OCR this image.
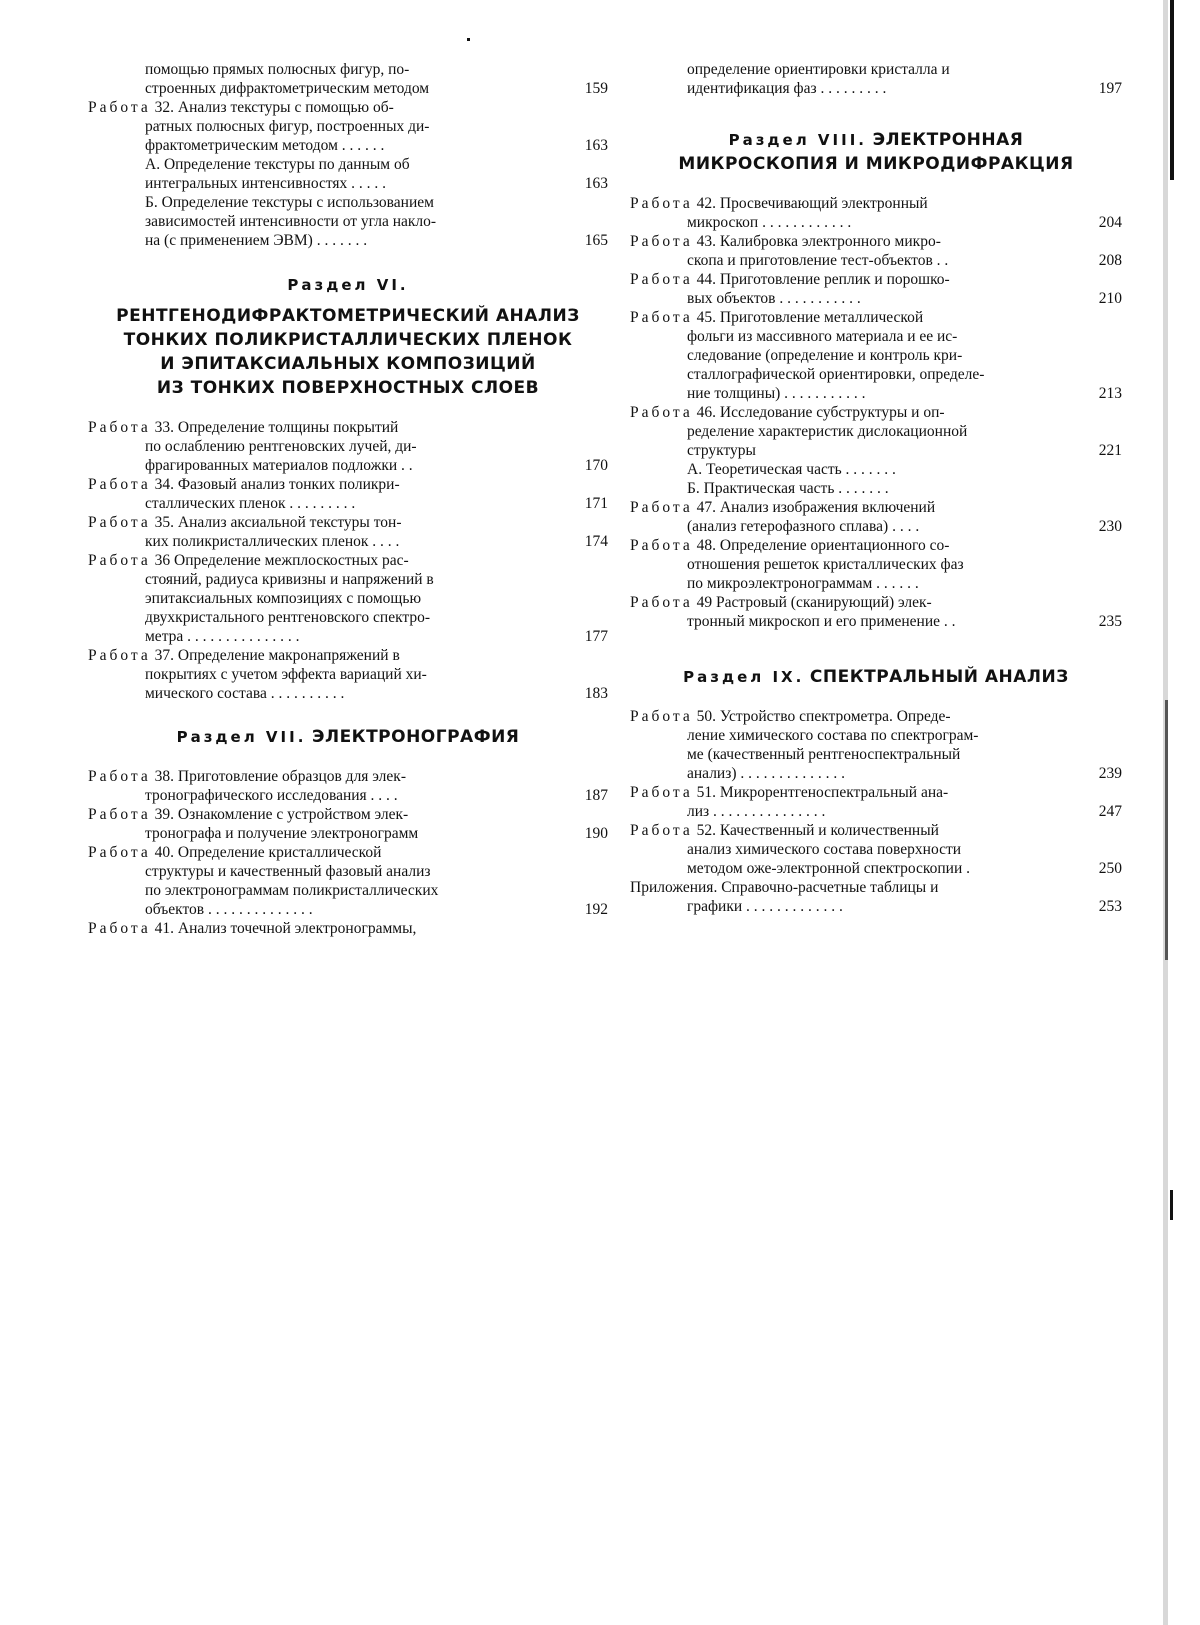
помощью прямых полюсных фигур, по-
строенных дифрактометрическим методом	159
Работа 32. Анализ текстуры с помощью об-
ратных полюсных фигур, построенных ди-
фрактометрическим методом . . . . . .	163
А. Определение текстуры по данным об
интегральных интенсивностях . . . . .	163
Б. Определение текстуры с использованием
зависимостей интенсивности от угла накло-
на (с применением ЭВМ) . . . . . . .	165
Раздел VI.
РЕНТГЕНОДИФРАКТОМЕТРИЧЕСКИЙ АНАЛИЗ
ТОНКИХ ПОЛИКРИСТАЛЛИЧЕСКИХ ПЛЕНОК
И ЭПИТАКСИАЛЬНЫХ КОМПОЗИЦИЙ
ИЗ ТОНКИХ ПОВЕРХНОСТНЫХ СЛОЕВ
Работа 33. Определение толщины покрытий
по ослаблению рентгеновских лучей, ди-
фрагированных материалов подложки . .	170
Работа 34. Фазовый анализ тонких поликри-
сталлических пленок . . . . . . . . .	171
Работа 35. Анализ аксиальной текстуры тон-
ких поликристаллических пленок . . . .	174
Работа 36 Определение межплоскостных рас-
стояний, радиуса кривизны и напряжений в
эпитаксиальных композициях с помощью
двухкристального рентгеновского спектро-
метра . . . . . . . . . . . . . . .	177
Работа 37. Определение макронапряжений в
покрытиях с учетом эффекта вариаций хи-
мического состава . . . . . . . . . .	183
Раздел VII. ЭЛЕКТРОНОГРАФИЯ
Работа 38. Приготовление образцов для элек-
тронографического исследования . . . .	187
Работа 39. Ознакомление с устройством элек-
тронографа и получение электронограмм	190
Работа 40. Определение кристаллической
структуры и качественный фазовый анализ
по электронограммам поликристаллических
объектов . . . . . . . . . . . . . .	192
Работа 41. Анализ точечной электронограммы,
определение ориентировки кристалла и
идентификация фаз . . . . . . . . .	197
Раздел VIII. ЭЛЕКТРОННАЯ
МИКРОСКОПИЯ И МИКРОДИФРАКЦИЯ
Работа 42. Просвечивающий электронный
микроскоп . . . . . . . . . . . .	204
Работа 43. Калибровка электронного микро-
скопа и приготовление тест-объектов . .	208
Работа 44. Приготовление реплик и порошко-
вых объектов . . . . . . . . . . .	210
Работа 45. Приготовление металлической
фольги из массивного материала и ее ис-
следование (определение и контроль кри-
сталлографической ориентировки, определе-
ние толщины) . . . . . . . . . . .	213
Работа 46. Исследование субструктуры и оп-
ределение характеристик дислокационной
структуры	221
А. Теоретическая часть . . . . . . .
Б. Практическая часть . . . . . . .
Работа 47. Анализ изображения включений
(анализ гетерофазного сплава) . . . .	230
Работа 48. Определение ориентационного со-
отношения решеток кристаллических фаз
по микроэлектронограммам . . . . . .
Работа 49 Растровый (сканирующий) элек-
тронный микроскоп и его применение . .	235
Раздел IX. СПЕКТРАЛЬНЫЙ АНАЛИЗ
Работа 50. Устройство спектрометра. Опреде-
ление химического состава по спектрограм-
ме (качественный рентгеноспектральный
анализ) . . . . . . . . . . . . . .	239
Работа 51. Микрорентгеноспектральный ана-
лиз . . . . . . . . . . . . . . .	247
Работа 52. Качественный и количественный
анализ химического состава поверхности
методом оже-электронной спектроскопии .	250
Приложения. Справочно-расчетные таблицы и
графики . . . . . . . . . . . . .	253
